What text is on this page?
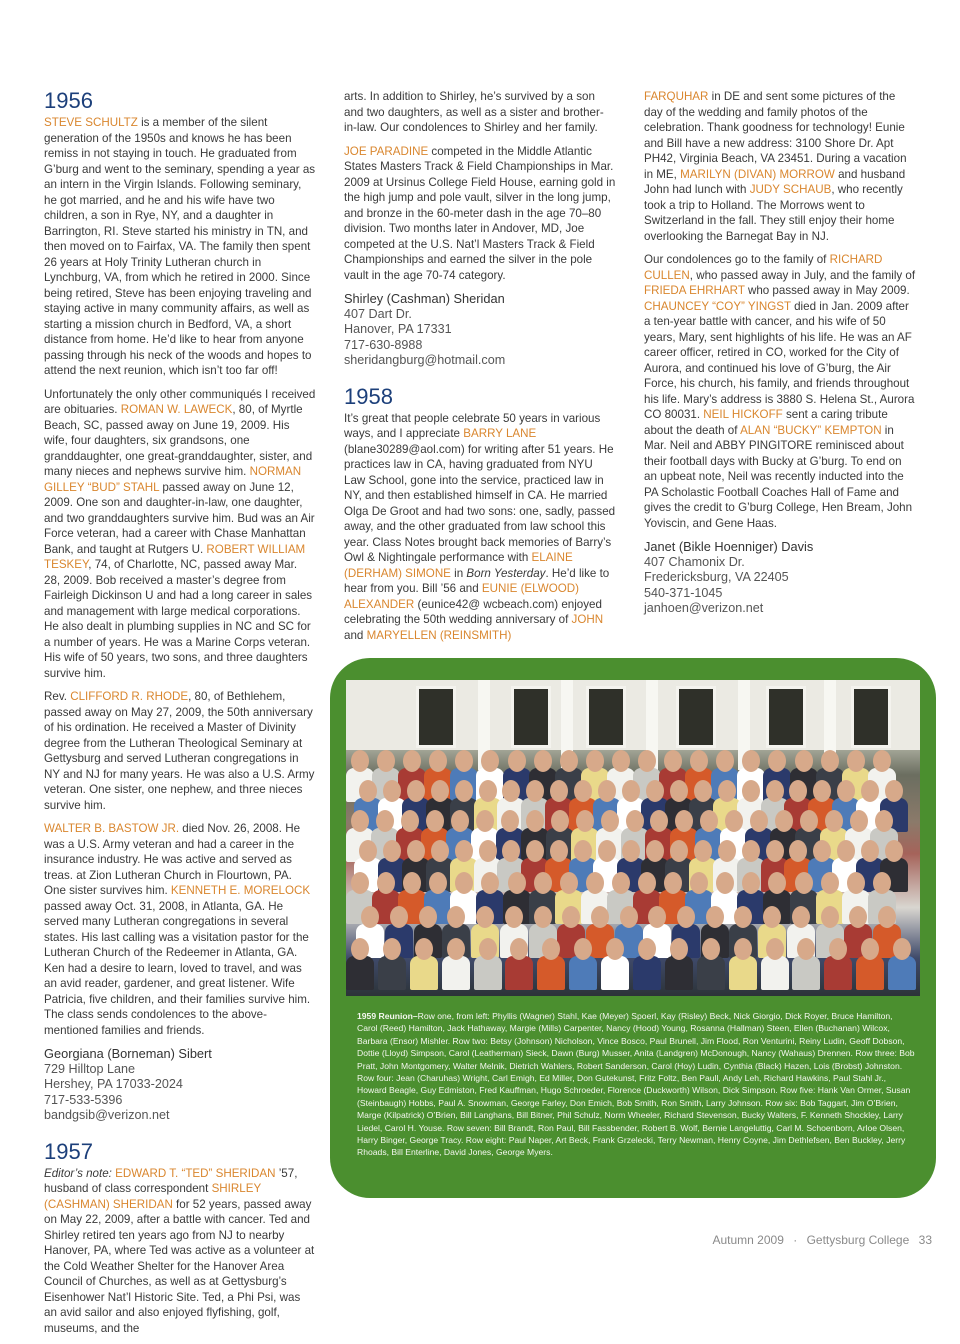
1956

STEVE SCHULTZ is a member of the silent generation of the 1950s and knows he has been remiss in not staying in touch. He graduated from G’burg and went to the seminary, spending a year as an intern in the Virgin Islands. Following seminary, he got married, and he and his wife have two children, a son in Rye, NY, and a daughter in Barrington, RI. Steve started his ministry in TN, and then moved on to Fairfax, VA. The family then spent 26 years at Holy Trinity Lutheran church in Lynchburg, VA, from which he retired in 2000. Since being retired, Steve has been enjoying traveling and staying active in many community affairs, as well as starting a mission church in Bedford, VA, a short distance from home. He’d like to hear from anyone passing through his neck of the woods and hopes to attend the next reunion, which isn’t too far off!

Unfortunately the only other communiqués I received are obituaries. ROMAN W. LAWECK, 80, of Myrtle Beach, SC, passed away on June 19, 2009. His wife, four daughters, six grandsons, one granddaughter, one great-granddaughter, sister, and many nieces and nephews survive him. NORMAN GILLEY “BUD” STAHL passed away on June 12, 2009. One son and daughter-in-law, one daughter, and two granddaughters survive him. Bud was an Air Force veteran, had a career with Chase Manhattan Bank, and taught at Rutgers U. ROBERT WILLIAM TESKEY, 74, of Charlotte, NC, passed away Mar. 28, 2009. Bob received a master’s degree from Fairleigh Dickinson U and had a long career in sales and management with large medical corporations. He also dealt in plumbing supplies in NC and SC for a number of years. He was a Marine Corps veteran. His wife of 50 years, two sons, and three daughters survive him.

Rev. CLIFFORD R. RHODE, 80, of Bethlehem, passed away on May 27, 2009, the 50th anniversary of his ordination. He received a Master of Divinity degree from the Lutheran Theological Seminary at Gettysburg and served Lutheran congregations in NY and NJ for many years. He was also a U.S. Army veteran. One sister, one nephew, and three nieces survive him.

WALTER B. BASTOW JR. died Nov. 26, 2008. He was a U.S. Army veteran and had a career in the insurance industry. He was active and served as treas. at Zion Lutheran Church in Flourtown, PA. One sister survives him. KENNETH E. MORELOCK passed away Oct. 31, 2008, in Atlanta, GA. He served many Lutheran congregations in several states. His last calling was a visitation pastor for the Lutheran Church of the Redeemer in Atlanta, GA. Ken had a desire to learn, loved to travel, and was an avid reader, gardener, and great listener. Wife Patricia, five children, and their families survive him. The class sends condolences to the above-mentioned families and friends.

Georgiana (Borneman) Sibert
729 Hilltop Lane
Hershey, PA 17033-2024
717-533-5396
bandgsib@verizon.net
1957

Editor’s note: EDWARD T. “TED” SHERIDAN ’57, husband of class correspondent SHIRLEY (CASHMAN) SHERIDAN for 52 years, passed away on May 22, 2009, after a battle with cancer. Ted and Shirley retired ten years ago from NJ to nearby Hanover, PA, where Ted was active as a volunteer at the Cold Weather Shelter for the Hanover Area Council of Churches, as well as at Gettysburg’s Eisenhower Nat’l Historic Site. Ted, a Phi Psi, was an avid sailor and also enjoyed flyfishing, golf, museums, and the

arts. In addition to Shirley, he’s survived by a son and two daughters, as well as a sister and brother-in-law. Our condolences to Shirley and her family.

JOE PARADINE competed in the Middle Atlantic States Masters Track & Field Championships in Mar. 2009 at Ursinus College Field House, earning gold in the high jump and pole vault, silver in the long jump, and bronze in the 60-meter dash in the age 70–80 division. Two months later in Andover, MD, Joe competed at the U.S. Nat’l Masters Track & Field Championships and earned the silver in the pole vault in the age 70-74 category.

Shirley (Cashman) Sheridan
407 Dart Dr.
Hanover, PA 17331
717-630-8988
sheridangburg@hotmail.com
1958

It’s great that people celebrate 50 years in various ways, and I appreciate BARRY LANE (blane30289@aol.com) for writing after 51 years. He practices law in CA, having graduated from NYU Law School, gone into the service, practiced law in NY, and then established himself in CA. He married Olga De Groot and had two sons: one, sadly, passed away, and the other graduated from law school this year. Class Notes brought back memories of Barry’s Owl & Nightingale performance with ELAINE (DERHAM) SIMONE in Born Yesterday. He’d like to hear from you. Bill ’56 and EUNIE (ELWOOD) ALEXANDER (eunice42@ wcbeach.com) enjoyed celebrating the 50th wedding anniversary of JOHN and MARYELLEN (REINSMITH)

FARQUHAR in DE and sent some pictures of the day of the wedding and family photos of the celebration. Thank goodness for technology! Eunie and Bill have a new address: 3100 Shore Dr. Apt PH42, Virginia Beach, VA 23451. During a vacation in ME, MARILYN (DIVAN) MORROW and husband John had lunch with JUDY SCHAUB, who recently took a trip to Holland. The Morrows went to Switzerland in the fall. They still enjoy their home overlooking the Barnegat Bay in NJ.

Our condolences go to the family of RICHARD CULLEN, who passed away in July, and the family of FRIEDA EHRHART who passed away in May 2009. CHAUNCEY “COY” YINGST died in Jan. 2009 after a ten-year battle with cancer, and his wife of 50 years, Mary, sent highlights of his life. He was an AF career officer, retired in CO, worked for the City of Aurora, and continued his love of G’burg, the Air Force, his church, his family, and friends throughout his life. Mary’s address is 3880 S. Helena St., Aurora CO 80031. NEIL HICKOFF sent a caring tribute about the death of ALAN “BUCKY” KEMPTON in Mar. Neil and ABBY PINGITORE reminisced about their football days with Bucky at G’burg. To end on an upbeat note, Neil was recently inducted into the PA Scholastic Football Coaches Hall of Fame and gives the credit to G’burg College, Hen Bream, John Yoviscin, and Gene Haas.

Janet (Bikle Hoenniger) Davis
407 Chamonix Dr.
Fredericksburg, VA 22405
540-371-1045
janhoen@verizon.net
1959 Reunion–Row one, from left: Phyllis (Wagner) Stahl, Kae (Meyer) Spoerl, Kay (Risley) Beck, Nick Giorgio, Dick Royer, Bruce Hamilton, Carol (Reed) Hamilton, Jack Hathaway, Margie (Mills) Carpenter, Nancy (Hood) Young, Rosanna (Hallman) Steen, Ellen (Buchanan) Wilcox, Barbara (Ensor) Mishler. Row two: Betsy (Johnson) Nicholson, Vince Bosco, Paul Brunell, Jim Flood, Ron Venturini, Reiny Ludin, Geoff Dobson, Dottie (Lloyd) Simpson, Carol (Leatherman) Sieck, Dawn (Burg) Musser, Anita (Landgren) McDonough, Nancy (Wahaus) Drennen. Row three: Bob Pratt, John Montgomery, Walter Melnik, Dietrich Wahlers, Robert Sanderson, Carol (Hoy) Ludin, Cynthia (Black) Hazen, Lois (Brobst) Johnston. Row four: Jean (Charuhas) Wright, Carl Emigh, Ed Miller, Don Gutekunst, Fritz Foltz, Ben Paull, Andy Leh, Richard Hawkins, Paul Stahl Jr., Howard Beagle, Guy Edmiston, Fred Kauffman, Hugo Schroeder, Florence (Duckworth) Wilson, Dick Simpson. Row five: Hank Van Ormer, Susan (Steinbaugh) Hobbs, Paul A. Snowman, George Farley, Don Emich, Bob Smith, Ron Smith, Larry Johnson. Row six: Bob Taggart, Jim O’Brien, Marge (Kilpatrick) O’Brien, Bill Langhans, Bill Bitner, Phil Schulz, Norm Wheeler, Richard Stevenson, Bucky Walters, F. Kenneth Shockley, Larry Liedel, Carol H. Youse. Row seven: Bill Brandt, Ron Paul, Bill Fassbender, Robert B. Wolf, Bernie Langeluttig, Carl M. Schoenborn, Arloe Olsen, Harry Binger, George Tracy. Row eight: Paul Naper, Art Beck, Frank Grzelecki, Terry Newman, Henry Coyne, Jim Dethlefsen, Ben Buckley, Jerry Rhoads, Bill Enterline, David Jones, George Myers.
Autumn 2009 · Gettysburg College 33
